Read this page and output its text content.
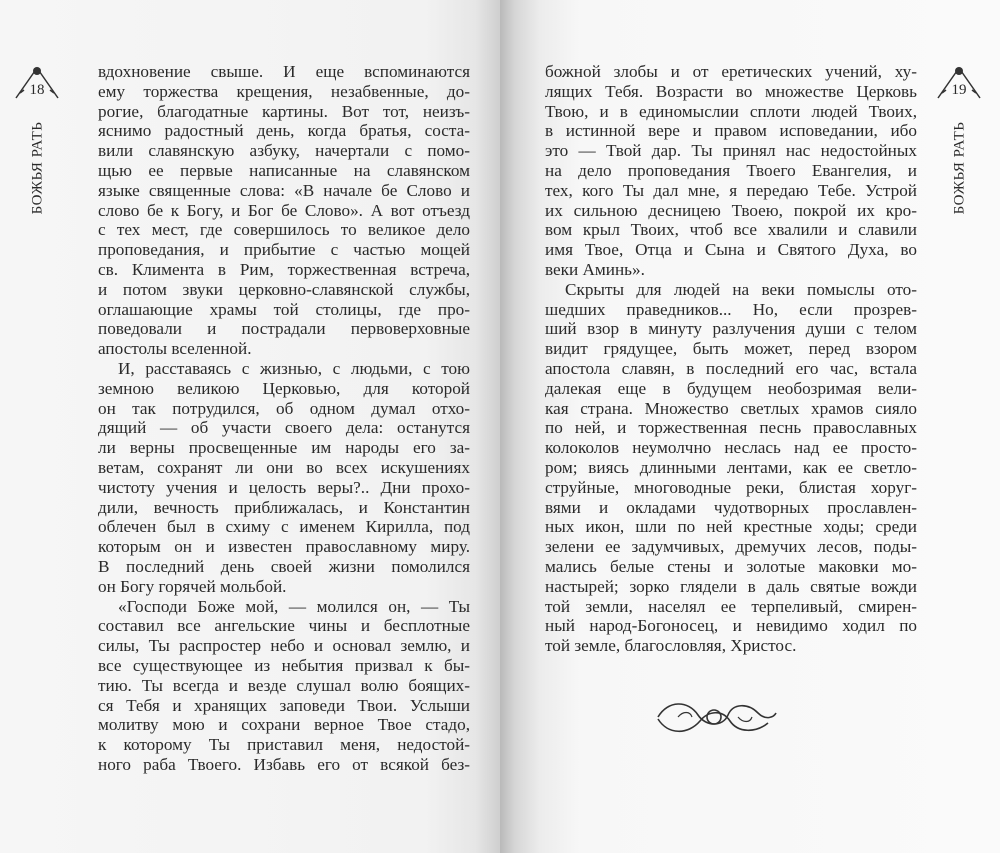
18
БОЖЬЯ РАТЬ
вдохновение свыше. И еще вспоминаются
ему торжества крещения, незабвенные, до-
рогие, благодатные картины. Вот тот, неизъ-
яснимо радостный день, когда братья, соста-
вили славянскую азбуку, начертали с помо-
щью ее первые написанные на славянском
языке священные слова: «В начале бе Слово и
слово бе к Богу, и Бог бе Слово». А вот отъезд
с тех мест, где совершилось то великое дело
проповедания, и прибытие с частью мощей
св. Климента в Рим, торжественная встреча,
и потом звуки церковно-славянской службы,
оглашающие храмы той столицы, где про-
поведовали и пострадали первоверховные
апостолы вселенной.
И, расставаясь с жизнью, с людьми, с тою
земною великою Церковью, для которой
он так потрудился, об одном думал отхо-
дящий — об участи своего дела: останутся
ли верны просвещенные им народы его за-
ветам, сохранят ли они во всех искушениях
чистоту учения и целость веры?.. Дни прохо-
дили, вечность приближалась, и Константин
облечен был в схиму с именем Кирилла, под
которым он и известен православному миру.
В последний день своей жизни помолился
он Богу горячей мольбой.
«Господи Боже мой, — молился он, — Ты
составил все ангельские чины и бесплотные
силы, Ты распростер небо и основал землю, и
все существующее из небытия призвал к бы-
тию. Ты всегда и везде слушал волю боящих-
ся Тебя и хранящих заповеди Твои. Услыши
молитву мою и сохрани верное Твое стадо,
к которому Ты приставил меня, недостой-
ного раба Твоего. Избавь его от всякой без-
19
БОЖЬЯ РАТЬ
божной злобы и от еретических учений, ху-
лящих Тебя. Возрасти во множестве Церковь
Твою, и в единомыслии сплоти людей Твоих,
в истинной вере и правом исповедании, ибо
это — Твой дар. Ты принял нас недостойных
на дело проповедания Твоего Евангелия, и
тех, кого Ты дал мне, я передаю Тебе. Устрой
их сильною десницею Твоею, покрой их кро-
вом крыл Твоих, чтоб все хвалили и славили
имя Твое, Отца и Сына и Святого Духа, во
веки Аминь».
Скрыты для людей на веки помыслы ото-
шедших праведников... Но, если прозрев-
ший взор в минуту разлучения души с телом
видит грядущее, быть может, перед взором
апостола славян, в последний его час, встала
далекая еще в будущем необозримая вели-
кая страна. Множество светлых храмов сияло
по ней, и торжественная песнь православных
колоколов неумолчно неслась над ее просто-
ром; виясь длинными лентами, как ее светло-
струйные, многоводные реки, блистая хоруг-
вями и окладами чудотворных прославлен-
ных икон, шли по ней крестные ходы; среди
зелени ее задумчивых, дремучих лесов, поды-
мались белые стены и золотые маковки мо-
настырей; зорко глядели в даль святые вожди
той земли, населял ее терпеливый, смирен-
ный народ-Богоносец, и невидимо ходил по
той земле, благословляя, Христос.
